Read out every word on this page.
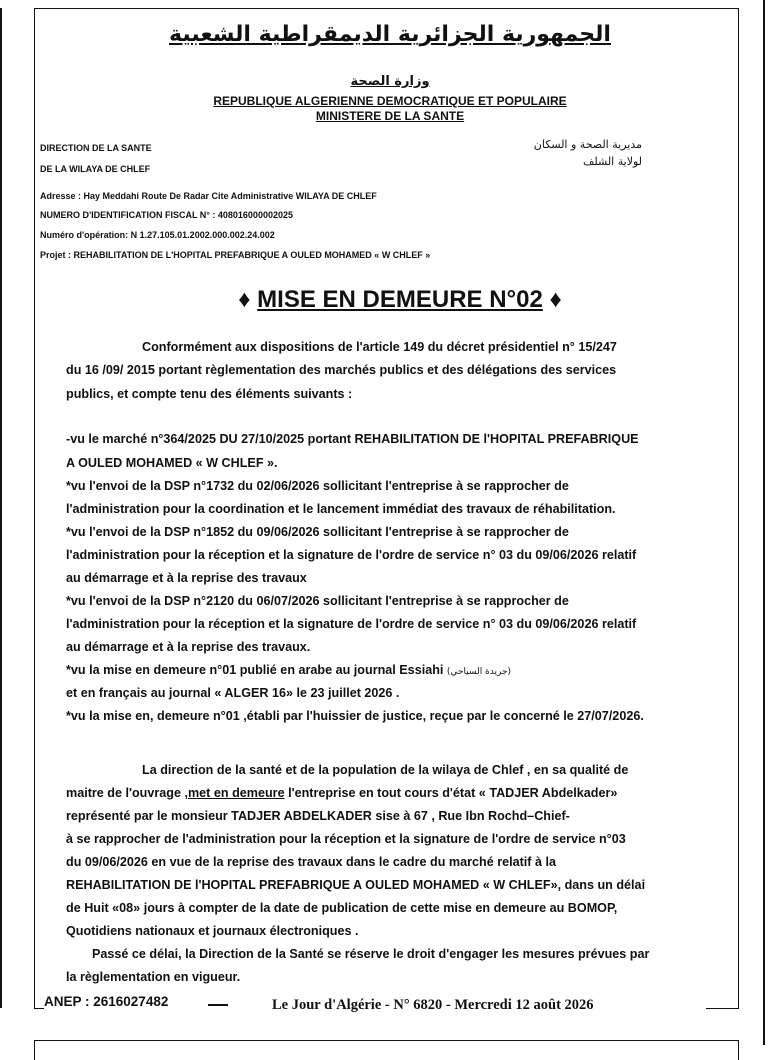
الجمهورية الجزائرية الديمقراطية الشعبية
وزارة الصحة
REPUBLIQUE ALGERIENNE DEMOCRATIQUE ET POPULAIRE
MINISTERE DE LA SANTE
DIRECTION DE LA SANTE
DE LA WILAYA DE CHLEF
مديرية الصحة و السكان
لولاية الشلف
Adresse : Hay Meddahi Route De Radar Cite Administrative WILAYA DE CHLEF
NUMERO D'IDENTIFICATION FISCAL N° : 408016000002025
Numéro d'opération: N 1.27.105.01.2002.000.002.24.002
Projet : REHABILITATION DE L'HOPITAL PREFABRIQUE A OULED MOHAMED « W CHLEF »
♦ MISE EN DEMEURE N°02 ♦
Conformément aux dispositions de l'article 149 du décret présidentiel n° 15/247
du 16 /09/ 2015 portant règlementation des marchés publics et des délégations des services
publics, et compte tenu des éléments suivants :
-vu le marché n°364/2025 DU 27/10/2025 portant REHABILITATION DE l'HOPITAL PREFABRIQUE
A OULED MOHAMED « W CHLEF ».
*vu l'envoi de la DSP n°1732 du 02/06/2026 sollicitant l'entreprise à se rapprocher de
l'administration pour la coordination et le lancement immédiat des travaux de réhabilitation.
*vu l'envoi de la DSP n°1852 du 09/06/2026 sollicitant l'entreprise à se rapprocher de
l'administration pour la réception et la signature de l'ordre de service n° 03 du 09/06/2026 relatif
au démarrage et à la reprise des travaux
*vu l'envoi de la DSP n°2120 du 06/07/2026 sollicitant l'entreprise à se rapprocher de
l'administration pour la réception et la signature de l'ordre de service n° 03 du 09/06/2026 relatif
au démarrage et à la reprise des travaux.
*vu la mise en demeure n°01 publié en arabe au journal Essiahi (جريدة السياحي)
et en français au journal « ALGER 16» le 23 juillet 2026 .
*vu la mise en, demeure n°01 ,établi par l'huissier de justice, reçue par le concerné le 27/07/2026.
La direction de la santé et de la population de la wilaya de Chlef , en sa qualité de
maitre de l'ouvrage ,met en demeure l'entreprise en tout cours d'état « TADJER Abdelkader»
représenté par le monsieur TADJER ABDELKADER sise à 67 , Rue Ibn Rochd–Chief-
à se rapprocher de l'administration pour la réception et la signature de l'ordre de service n°03
du 09/06/2026 en vue de la reprise des travaux dans le cadre du marché relatif à la
REHABILITATION DE l'HOPITAL PREFABRIQUE A OULED MOHAMED « W CHLEF», dans un délai
de Huit «08» jours à compter de la date de publication de cette mise en demeure au BOMOP,
Quotidiens nationaux et journaux électroniques .
Passé ce délai, la Direction de la Santé se réserve le droit d'engager les mesures prévues par
la règlementation en vigueur.
ANEP : 2616027482	Le Jour d'Algérie - N° 6820 - Mercredi 12 août 2026
